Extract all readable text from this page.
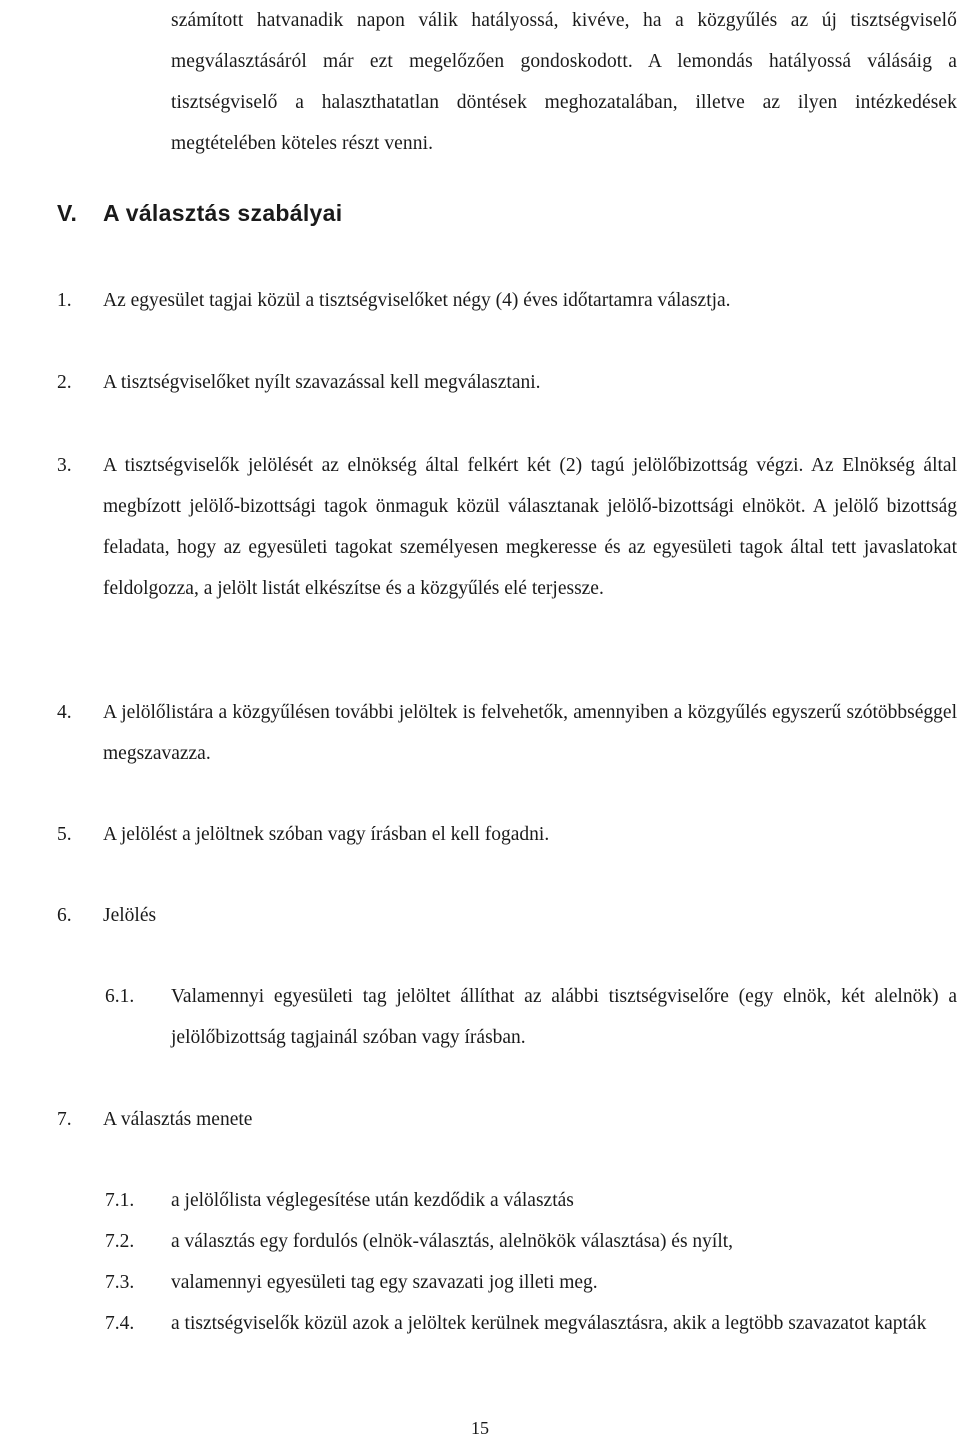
számított hatvanadik napon válik hatályossá, kivéve, ha a közgyűlés az új tisztségviselő megválasztásáról már ezt megelőzően gondoskodott. A lemondás hatályossá válásáig a tisztségviselő a halaszthatatlan döntések meghozatalában, illetve az ilyen intézkedések megtételében köteles részt venni.

V. A választás szabályai
1.	Az egyesület tagjai közül a tisztségviselőket négy (4) éves időtartamra választja.
2.	A tisztségviselőket nyílt szavazással kell megválasztani.
3.	A tisztségviselők jelölését az elnökség által felkért két (2) tagú jelölőbizottság végzi. Az Elnökség által megbízott jelölő-bizottsági tagok önmaguk közül választanak jelölő-bizottsági elnököt. A jelölő bizottság feladata, hogy az egyesületi tagokat személyesen megkeresse és az egyesületi tagok által tett javaslatokat feldolgozza, a jelölt listát elkészítse és a közgyűlés elé terjessze.
4.	A jelölőlistára a közgyűlésen további jelöltek is felvehetők, amennyiben a közgyűlés egyszerű szótöbbséggel megszavazza.
5.	A jelölést a jelöltnek szóban vagy írásban el kell fogadni.
6.	Jelölés
6.1.	Valamennyi egyesületi tag jelöltet állíthat az alábbi tisztségviselőre (egy elnök, két alelnök) a jelölőbizottság tagjainál szóban vagy írásban.
7.	A választás menete
7.1.	a jelölőlista véglegesítése után kezdődik a választás
7.2.	a választás egy fordulós (elnök-választás, alelnökök választása) és nyílt,
7.3.	valamennyi egyesületi tag egy szavazati jog illeti meg.
7.4.	a tisztségviselők közül azok a jelöltek kerülnek megválasztásra, akik a legtöbb szavazatot kapták
15
